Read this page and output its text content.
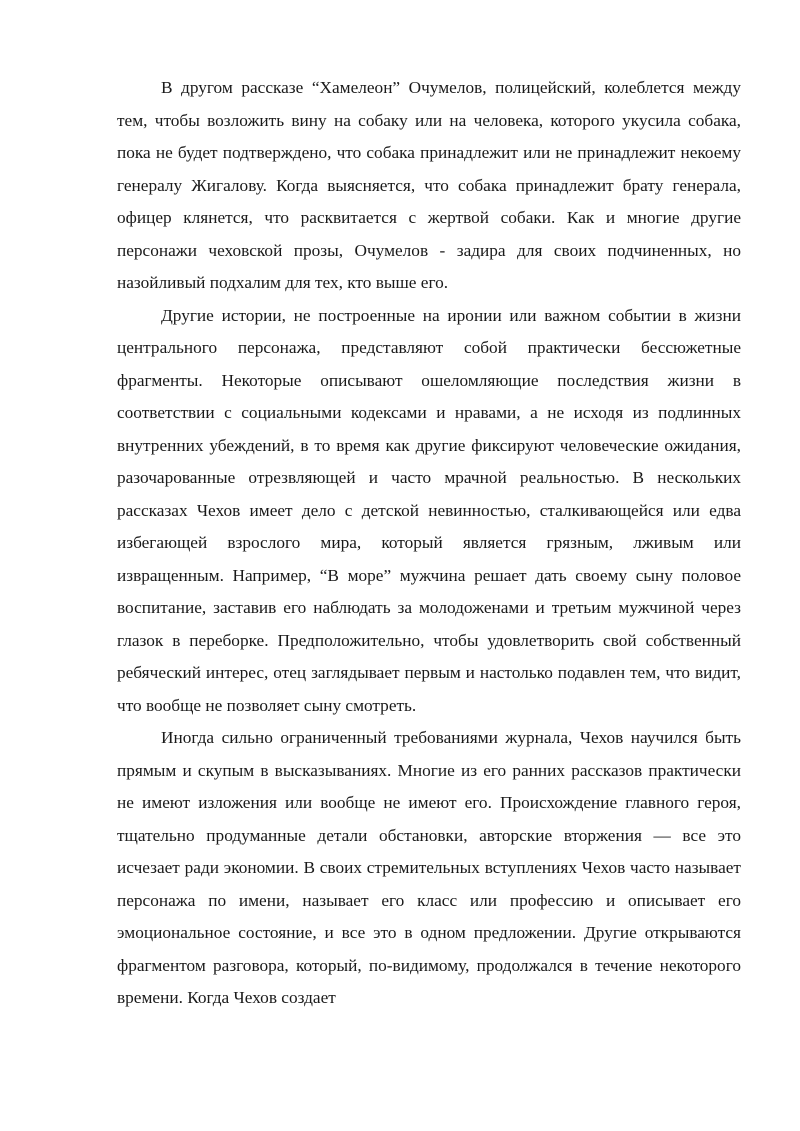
В другом рассказе “Хамелеон” Очумелов, полицейский, колеблется между тем, чтобы возложить вину на собаку или на человека, которого укусила собака, пока не будет подтверждено, что собака принадлежит или не принадлежит некоему генералу Жигалову. Когда выясняется, что собака принадлежит брату генерала, офицер клянется, что расквитается с жертвой собаки. Как и многие другие персонажи чеховской прозы, Очумелов - задира для своих подчиненных, но назойливый подхалим для тех, кто выше его.

Другие истории, не построенные на иронии или важном событии в жизни центрального персонажа, представляют собой практически бессюжетные фрагменты. Некоторые описывают ошеломляющие последствия жизни в соответствии с социальными кодексами и нравами, а не исходя из подлинных внутренних убеждений, в то время как другие фиксируют человеческие ожидания, разочарованные отрезвляющей и часто мрачной реальностью. В нескольких рассказах Чехов имеет дело с детской невинностью, сталкивающейся или едва избегающей взрослого мира, который является грязным, лживым или извращенным. Например, “В море” мужчина решает дать своему сыну половое воспитание, заставив его наблюдать за молодоженами и третьим мужчиной через глазок в переборке. Предположительно, чтобы удовлетворить свой собственный ребяческий интерес, отец заглядывает первым и настолько подавлен тем, что видит, что вообще не позволяет сыну смотреть.

Иногда сильно ограниченный требованиями журнала, Чехов научился быть прямым и скупым в высказываниях. Многие из его ранних рассказов практически не имеют изложения или вообще не имеют его. Происхождение главного героя, тщательно продуманные детали обстановки, авторские вторжения — все это исчезает ради экономии. В своих стремительных вступлениях Чехов часто называет персонажа по имени, называет его класс или профессию и описывает его эмоциональное состояние, и все это в одном предложении. Другие открываются фрагментом разговора, который, по-видимому, продолжался в течение некоторого времени. Когда Чехов создает
